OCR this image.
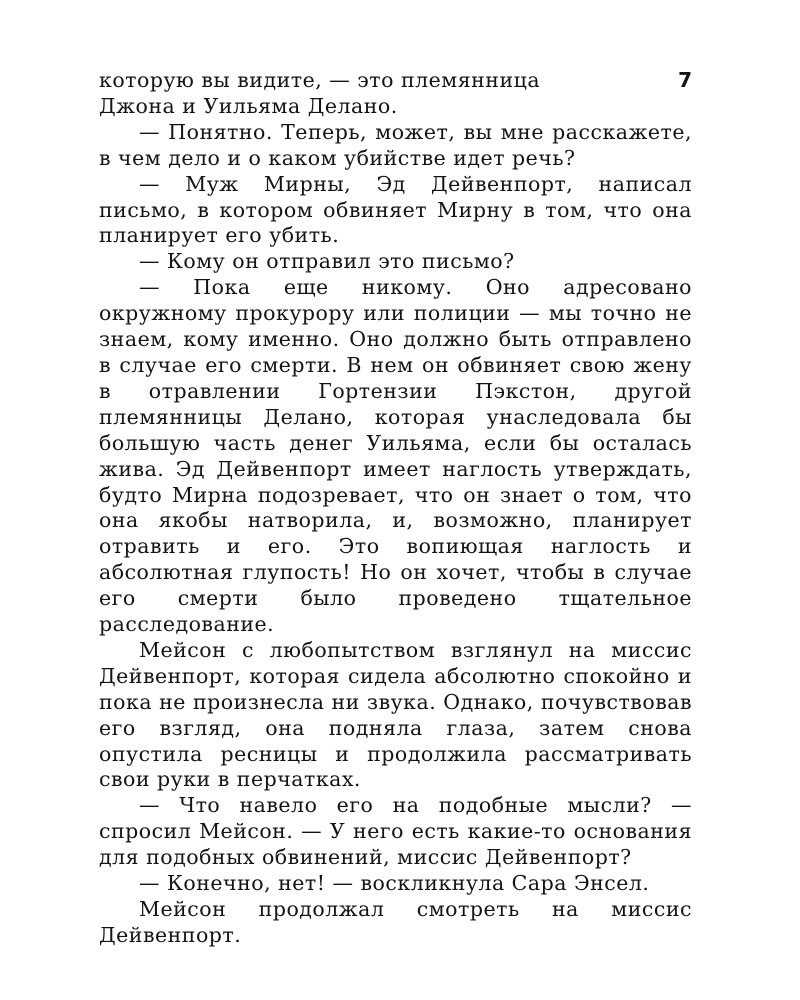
7

которую вы видите, — это племянница

Джона и Уильяма Делано.

— Понятно. Теперь, может, вы мне расскажете, в чем дело и о каком убийстве идет речь?

— Муж Мирны, Эд Дейвенпорт, написал письмо, в котором обвиняет Мирну в том, что она планирует его убить.

— Кому он отправил это письмо?

— Пока еще никому. Оно адресовано окружному прокурору или полиции — мы точно не знаем, кому именно. Оно должно быть отправлено в случае его смерти. В нем он обвиняет свою жену в отравлении Гортензии Пэкстон, другой племянницы Делано, которая унаследовала бы большую часть денег Уильяма, если бы осталась жива. Эд Дейвенпорт имеет наглость утверждать, будто Мирна подозревает, что он знает о том, что она якобы натворила, и, возможно, планирует отравить и его. Это вопиющая наглость и абсолютная глупость! Но он хочет, чтобы в случае его смерти было проведено тщательное расследование.

Мейсон с любопытством взглянул на миссис Дейвенпорт, которая сидела абсолютно спокойно и пока не произнесла ни звука. Однако, почувствовав его взгляд, она подняла глаза, затем снова опустила ресницы и продолжила рассматривать свои руки в перчатках.

— Что навело его на подобные мысли? — спросил Мейсон. — У него есть какие-то основания для подобных обвинений, миссис Дейвенпорт?

— Конечно, нет! — воскликнула Сара Энсел.

Мейсон продолжал смотреть на миссис Дейвенпорт.
